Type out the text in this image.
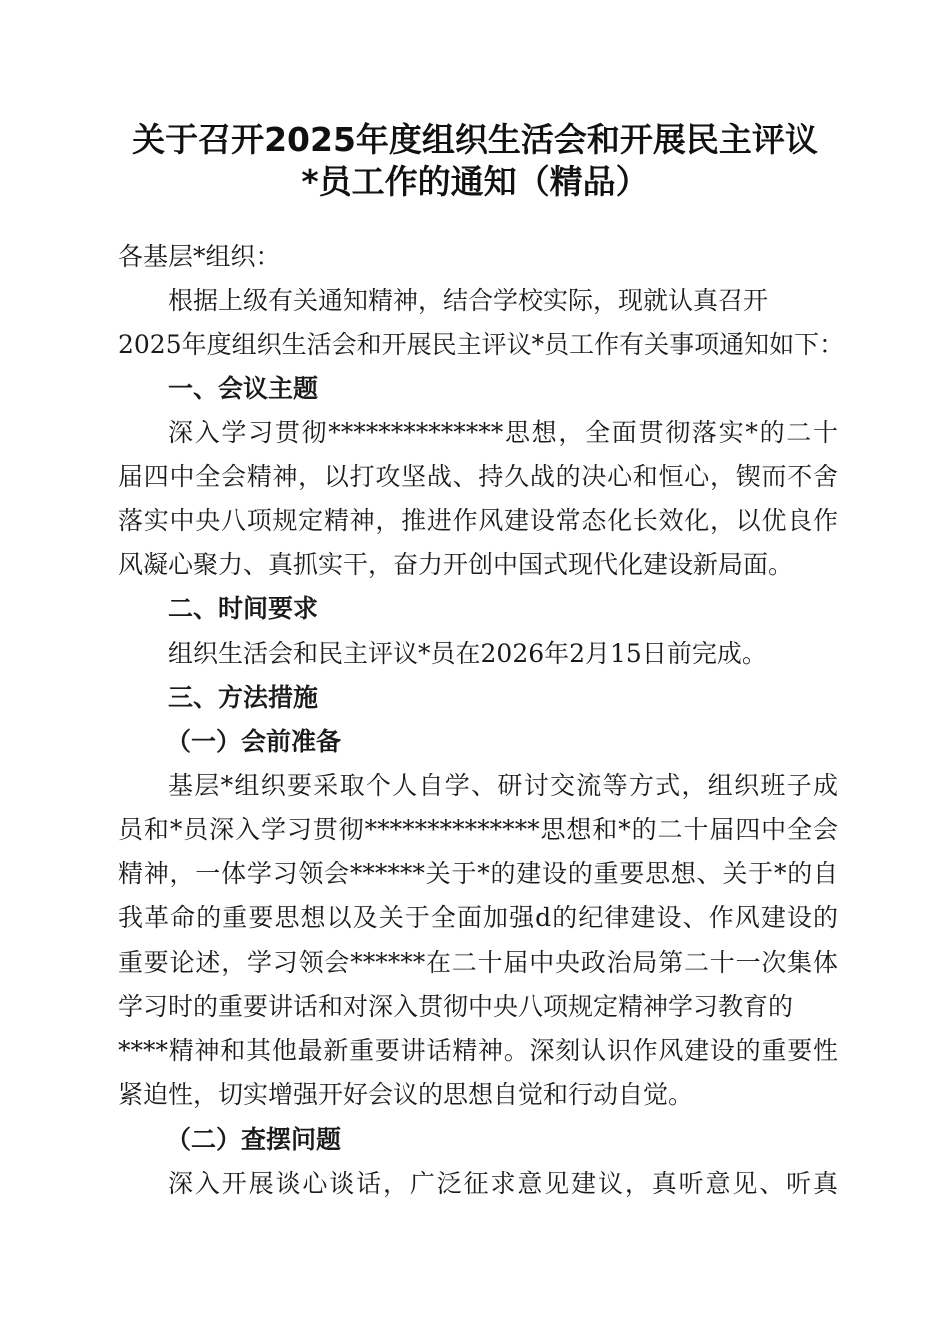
关于召开2025年度组织生活会和开展民主评议
*员工作的通知（精品）
各基层*组织：
根据上级有关通知精神，结合学校实际，现就认真召开
2025年度组织生活会和开展民主评议*员工作有关事项通知如下：
一、会议主题
深入学习贯彻**************思想，全面贯彻落实*的二十
届四中全会精神，以打攻坚战、持久战的决心和恒心，锲而不舍
落实中央八项规定精神，推进作风建设常态化长效化，以优良作
风凝心聚力、真抓实干，奋力开创中国式现代化建设新局面。
二、时间要求
组织生活会和民主评议*员在2026年2月15日前完成。
三、方法措施
（一）会前准备
基层*组织要采取个人自学、研讨交流等方式，组织班子成
员和*员深入学习贯彻**************思想和*的二十届四中全会
精神，一体学习领会******关于*的建设的重要思想、关于*的自
我革命的重要思想以及关于全面加强d的纪律建设、作风建设的
重要论述，学习领会******在二十届中央政治局第二十一次集体
学习时的重要讲话和对深入贯彻中央八项规定精神学习教育的
****精神和其他最新重要讲话精神。深刻认识作风建设的重要性
紧迫性，切实增强开好会议的思想自觉和行动自觉。
（二）查摆问题
深入开展谈心谈话，广泛征求意见建议，真听意见、听真
